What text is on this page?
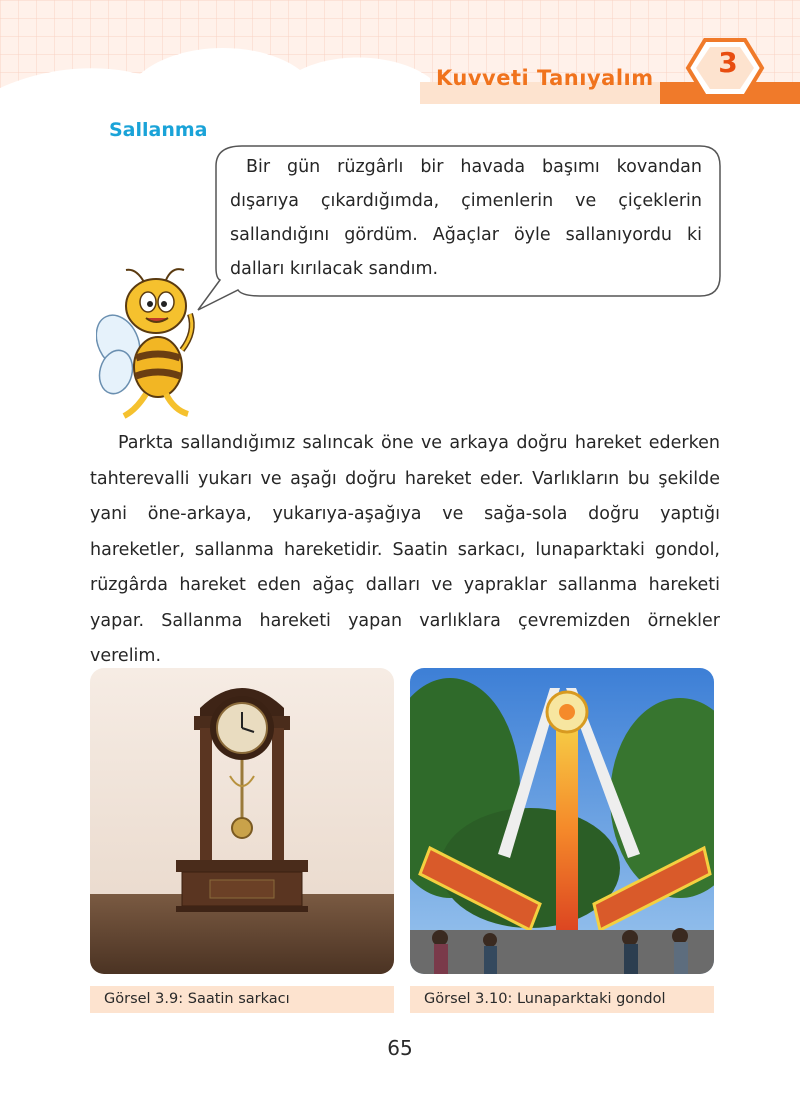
Kuvveti Tanıyalım	3
Sallanma
Bir gün rüzgârlı bir havada başımı kovandan dışarıya çıkardığımda, çimenlerin ve çiçeklerin sallandığını gördüm. Ağaçlar öyle sallanıyordu ki dalları kırılacak sandım.
Parkta sallandığımız salıncak öne ve arkaya doğru hareket ederken tahterevalli yukarı ve aşağı doğru hareket eder. Varlıkların bu şekilde yani öne-arkaya, yukarıya-aşağıya ve sağa-sola doğru yaptığı hareketler, sallanma hareketidir. Saatin sarkacı, lunaparktaki gondol, rüzgârda hareket eden ağaç dalları ve yapraklar sallanma hareketi yapar. Sallanma hareketi yapan varlıklara çevremizden örnekler verelim.
Görsel 3.9: Saatin sarkacı	Görsel 3.10: Lunaparktaki gondol
65
